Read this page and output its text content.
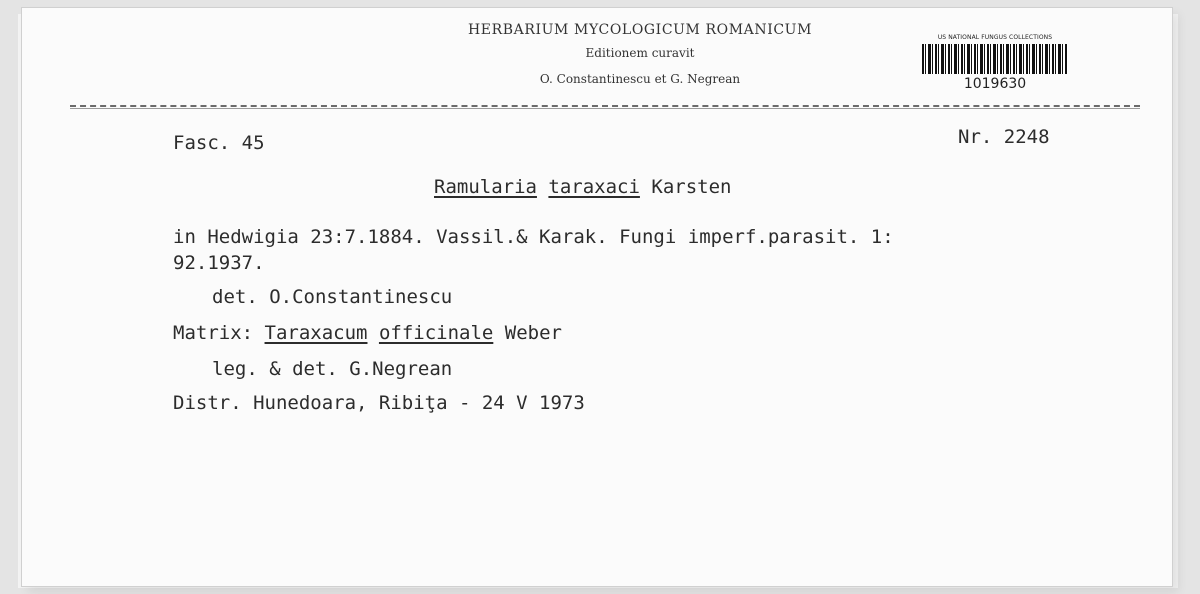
HERBARIUM MYCOLOGICUM ROMANICUM
Editionem curavit
O. Constantinescu et G. Negrean
US NATIONAL FUNGUS COLLECTIONS
1019630
Fasc. 45	Nr. 2248
Ramularia taraxaci Karsten
in Hedwigia 23:7.1884. Vassil.& Karak. Fungi imperf.parasit. 1:
92.1937.
det. O.Constantinescu
Matrix: Taraxacum officinale Weber
leg. & det. G.Negrean
Distr. Hunedoara, Ribiţa - 24 V 1973
